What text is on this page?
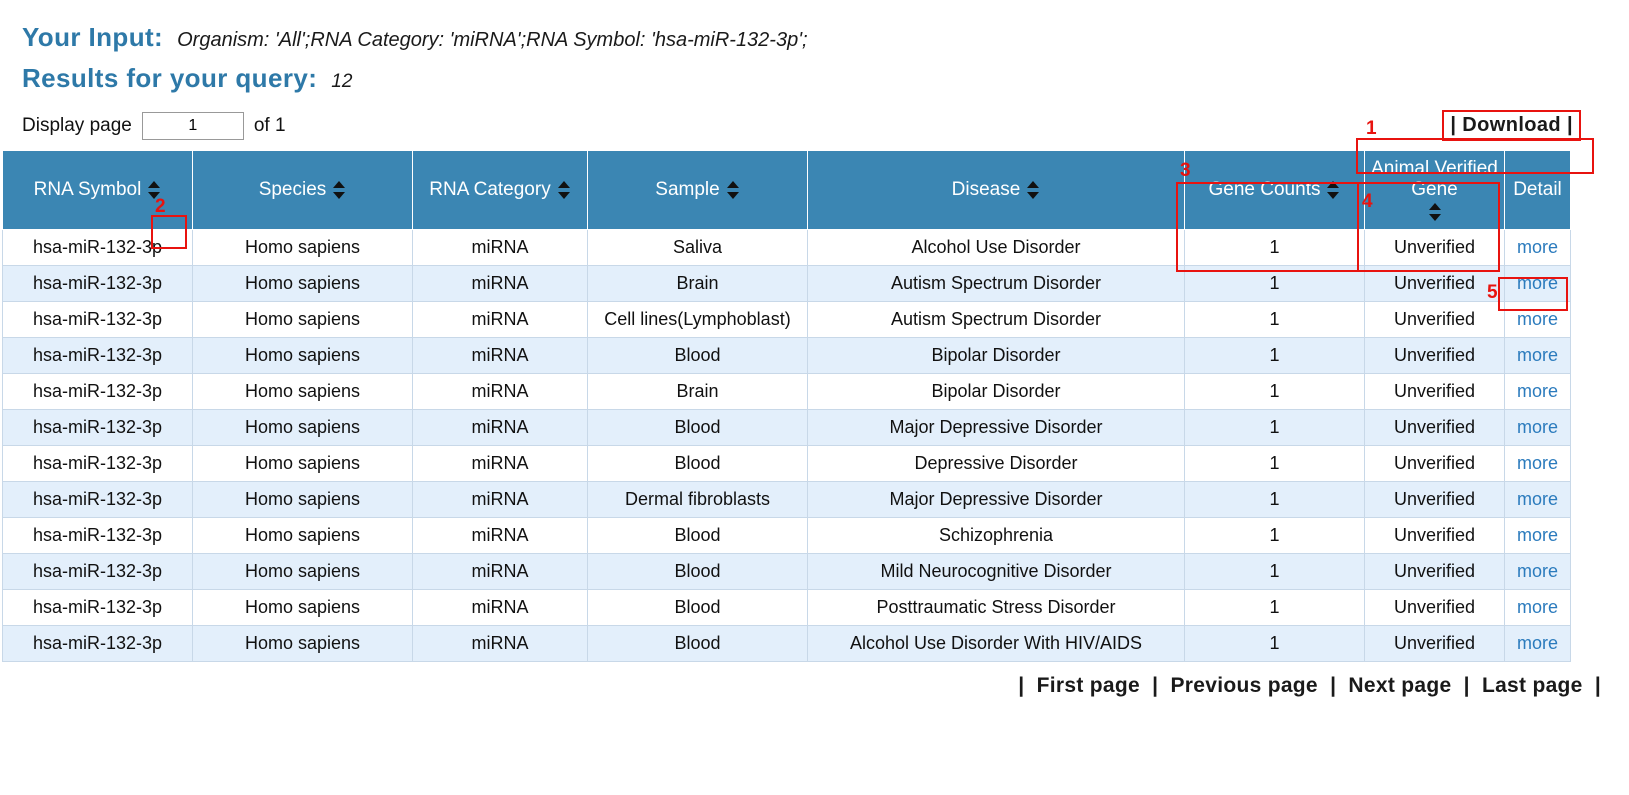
Your Input: Organism: 'All';RNA Category: 'miRNA';RNA Symbol: 'hsa-miR-132-3p';
Results for your query: 12
Display page
1	of 1	| Download |
RNA Symbol	Species	RNA Category	Sample	Disease	Gene Counts	Animal Verified Gene	Detail

hsa-miR-132-3p	Homo sapiens	miRNA	Saliva	Alcohol Use Disorder	1	Unverified	more
hsa-miR-132-3p	Homo sapiens	miRNA	Brain	Autism Spectrum Disorder	1	Unverified	more
hsa-miR-132-3p	Homo sapiens	miRNA	Cell lines(Lymphoblast)	Autism Spectrum Disorder	1	Unverified	more
hsa-miR-132-3p	Homo sapiens	miRNA	Blood	Bipolar Disorder	1	Unverified	more
hsa-miR-132-3p	Homo sapiens	miRNA	Brain	Bipolar Disorder	1	Unverified	more
hsa-miR-132-3p	Homo sapiens	miRNA	Blood	Major Depressive Disorder	1	Unverified	more
hsa-miR-132-3p	Homo sapiens	miRNA	Blood	Depressive Disorder	1	Unverified	more
hsa-miR-132-3p	Homo sapiens	miRNA	Dermal fibroblasts	Major Depressive Disorder	1	Unverified	more
hsa-miR-132-3p	Homo sapiens	miRNA	Blood	Schizophrenia	1	Unverified	more
hsa-miR-132-3p	Homo sapiens	miRNA	Blood	Mild Neurocognitive Disorder	1	Unverified	more
hsa-miR-132-3p	Homo sapiens	miRNA	Blood	Posttraumatic Stress Disorder	1	Unverified	more
hsa-miR-132-3p	Homo sapiens	miRNA	Blood	Alcohol Use Disorder With HIV/AIDS	1	Unverified	more
| First page | Previous page | Next page | Last page |
1
3
2	4
5
